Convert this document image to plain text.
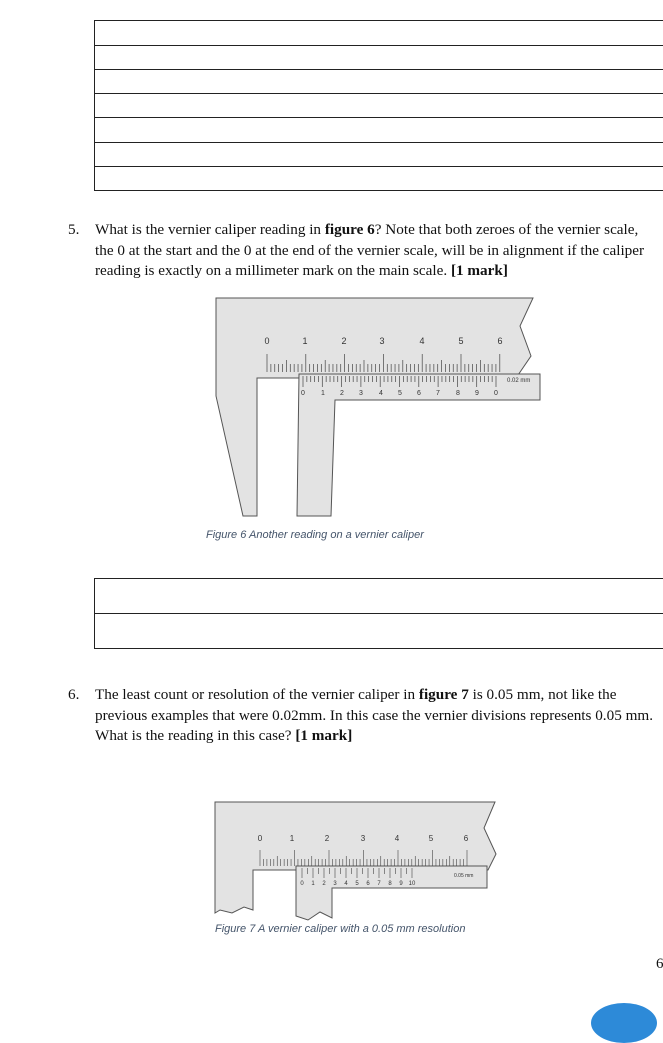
5. What is the vernier caliper reading in figure 6? Note that both zeroes of the vernier scale, the 0 at the start and the 0 at the end of the vernier scale, will be in alignment if the caliper reading is exactly on a millimeter mark on the main scale. [1 mark]
0	1	2	3	4	5	6
0 1 2 3 4 5 6 7 8 9 0
0.02 mm
Figure 6 Another reading on a vernier caliper
6. The least count or resolution of the vernier caliper in figure 7 is 0.05 mm, not like the previous examples that were 0.02mm. In this case the vernier divisions represents 0.05 mm. What is the reading in this case? [1 mark]
0	1	2	3	4	5	6
0 1 2 3 4 5 6 7 8 9 10
0.05 mm
Figure 7 A vernier caliper with a 0.05 mm resolution
6
